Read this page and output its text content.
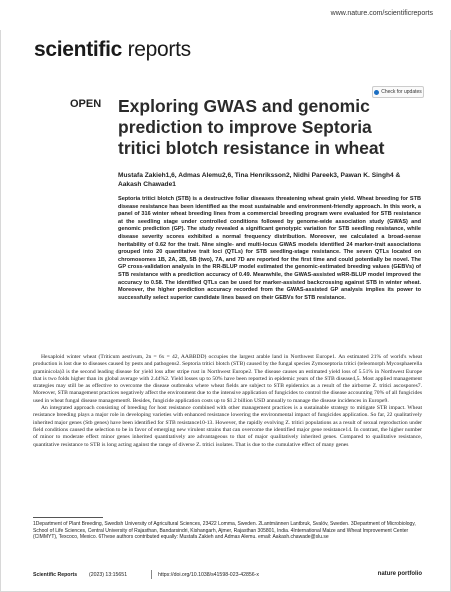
www.nature.com/scientificreports
scientific reports
OPEN
Check for updates
Exploring GWAS and genomic prediction to improve Septoria tritici blotch resistance in wheat
Mustafa Zakieh1,6, Admas Alemu2,6, Tina Henriksson2, Nidhi Pareek3, Pawan K. Singh4 & Aakash Chawade1
Septoria tritici blotch (STB) is a destructive foliar diseases threatening wheat grain yield. Wheat breeding for STB disease resistance has been identified as the most sustainable and environment-friendly approach. In this work, a panel of 316 winter wheat breeding lines from a commercial breeding program were evaluated for STB resistance at the seedling stage under controlled conditions followed by genome-wide association study (GWAS) and genomic prediction (GP). The study revealed a significant genotypic variation for STB seedling resistance, while disease severity scores exhibited a normal frequency distribution. Moreover, we calculated a broad-sense heritability of 0.62 for the trait. Nine single- and multi-locus GWAS models identified 24 marker-trait associations grouped into 20 quantitative trait loci (QTLs) for STB seedling-stage resistance. The seven QTLs located on chromosomes 1B, 2A, 2B, 5B (two), 7A, and 7D are reported for the first time and could potentially be novel. The GP cross-validation analysis in the RR-BLUP model estimated the genomic-estimated breeding values (GEBVs) of STB resistance with a prediction accuracy of 0.49. Meanwhile, the GWAS-assisted wRR-BLUP model improved the accuracy to 0.58. The identified QTLs can be used for marker-assisted backcrossing against STB in winter wheat. Moreover, the higher prediction accuracy recorded from the GWAS-assisted GP analysis implies its power to successfully select superior candidate lines based on their GEBVs for STB resistance.

Hexaploid winter wheat (Triticum aestivum, 2n = 6x = 42, AABBDD) occupies the largest arable land in Northwest Europe1. An estimated 21% of world's wheat production is lost due to diseases caused by pests and pathogens2. Septoria tritici blotch (STB) caused by the fungal species Zymoseptoria tritici (teleomorph Mycosphaerella graminicola)3 is the second leading disease for yield loss after stripe rust in Northwest Europe2. The disease causes an estimated yield loss of 5.51% in Northwest Europe that is two folds higher than its global average with 2.44%2. Yield losses up to 50% have been reported in epidemic years of the STB disease4,5. Most applied management strategies may still be as effective to overcome the disease outbreaks where wheat fields are subject to STB epidemics as a result of the airborne Z. tritici ascospores7. Moreover, STB management practices negatively affect the environment due to the intensive application of fungicides to control the disease accounting 70% of all fungicides used in wheat fungal disease management8. Besides, fungicide application costs up to $1.2 billion USD annually to manage the disease incidences in Europe9.

An integrated approach consisting of breeding for host resistance combined with other management practices is a sustainable strategy to mitigate STB impact. Wheat resistance breeding plays a major role in developing varieties with enhanced resistance lowering the environmental impact of fungicides application. So far, 22 qualitatively inherited major genes (Stb genes) have been identified for STB resistance10-13. However, the rapidly evolving Z. tritici populations as a result of sexual reproduction under field conditions caused the selection to be in favor of emerging new virulent strains that can overcome the identified major gene resistance14. In contrast, the higher number of minor to moderate effect minor genes inherited quantitatively are advantageous to that of major qualitatively inherited genes. Compared to qualitative resistance, quantitative resistance to STB is long acting against the range of diverse Z. tritici isolates. That is due to the cumulative effect of many genes

1Department of Plant Breeding, Swedish University of Agricultural Sciences, 23422 Lomma, Sweden. 2Lantmännen Lantbruk, Svalöv, Sweden. 3Department of Microbiology, School of Life Sciences, Central University of Rajasthan, Bandarsindri, Kishangarh, Ajmer, Rajasthan 305801, India. 4International Maize and Wheat Improvement Center (CIMMYT), Texcoco, Mexico. 6These authors contributed equally: Mustafa Zakieh and Admas Alemu. email: Aakash.chawade@slu.se
Scientific Reports (2023) 13:15651	https://doi.org/10.1038/s41598-023-42856-x	nature portfolio
